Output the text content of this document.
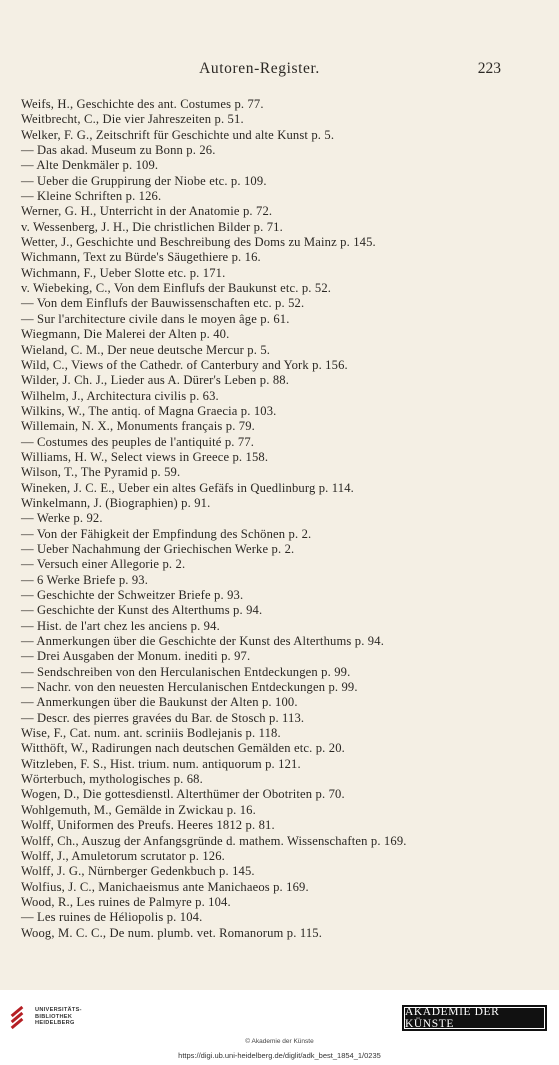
Autoren-Register.	223
Weifs, H., Geschichte des ant. Costumes p. 77.
Weitbrecht, C., Die vier Jahreszeiten p. 51.
Welker, F. G., Zeitschrift für Geschichte und alte Kunst p. 5.
— Das akad. Museum zu Bonn p. 26.
— Alte Denkmäler p. 109.
— Ueber die Gruppirung der Niobe etc. p. 109.
— Kleine Schriften p. 126.
Werner, G. H., Unterricht in der Anatomie p. 72.
v. Wessenberg, J. H., Die christlichen Bilder p. 71.
Wetter, J., Geschichte und Beschreibung des Doms zu Mainz p. 145.
Wichmann, Text zu Bürde's Säugethiere p. 16.
Wichmann, F., Ueber Slotte etc. p. 171.
v. Wiebeking, C., Von dem Einflufs der Baukunst etc. p. 52.
— Von dem Einflufs der Bauwissenschaften etc. p. 52.
— Sur l'architecture civile dans le moyen âge p. 61.
Wiegmann, Die Malerei der Alten p. 40.
Wieland, C. M., Der neue deutsche Mercur p. 5.
Wild, C., Views of the Cathedr. of Canterbury and York p. 156.
Wilder, J. Ch. J., Lieder aus A. Dürer's Leben p. 88.
Wilhelm, J., Architectura civilis p. 63.
Wilkins, W., The antiq. of Magna Graecia p. 103.
Willemain, N. X., Monuments français p. 79.
— Costumes des peuples de l'antiquité p. 77.
Williams, H. W., Select views in Greece p. 158.
Wilson, T., The Pyramid p. 59.
Wineken, J. C. E., Ueber ein altes Gefäfs in Quedlinburg p. 114.
Winkelmann, J. (Biographien) p. 91.
— Werke p. 92.
— Von der Fähigkeit der Empfindung des Schönen p. 2.
— Ueber Nachahmung der Griechischen Werke p. 2.
— Versuch einer Allegorie p. 2.
— 6 Werke Briefe p. 93.
— Geschichte der Schweitzer Briefe p. 93.
— Geschichte der Kunst des Alterthums p. 94.
— Hist. de l'art chez les anciens p. 94.
— Anmerkungen über die Geschichte der Kunst des Alterthums p. 94.
— Drei Ausgaben der Monum. inediti p. 97.
— Sendschreiben von den Herculanischen Entdeckungen p. 99.
— Nachr. von den neuesten Herculanischen Entdeckungen p. 99.
— Anmerkungen über die Baukunst der Alten p. 100.
— Descr. des pierres gravées du Bar. de Stosch p. 113.
Wise, F., Cat. num. ant. scriniis Bodlejanis p. 118.
Witthöft, W., Radirungen nach deutschen Gemälden etc. p. 20.
Witzleben, F. S., Hist. trium. num. antiquorum p. 121.
Wörterbuch, mythologisches p. 68.
Wogen, D., Die gottesdienstl. Alterthümer der Obotriten p. 70.
Wohlgemuth, M., Gemälde in Zwickau p. 16.
Wolff, Uniformen des Preufs. Heeres 1812 p. 81.
Wolff, Ch., Auszug der Anfangsgründe d. mathem. Wissenschaften p. 169.
Wolff, J., Amuletorum scrutator p. 126.
Wolff, J. G., Nürnberger Gedenkbuch p. 145.
Wolfius, J. C., Manichaeismus ante Manichaeos p. 169.
Wood, R., Les ruines de Palmyre p. 104.
— Les ruines de Héliopolis p. 104.
Woog, M. C. C., De num. plumb. vet. Romanorum p. 115.
UNIVERSITÄTS-
BIBLIOTHEK
HEIDELBERG
AKADEMIE DER KÜNSTE
© Akademie der Künste
https://digi.ub.uni-heidelberg.de/diglit/adk_best_1854_1/0235
